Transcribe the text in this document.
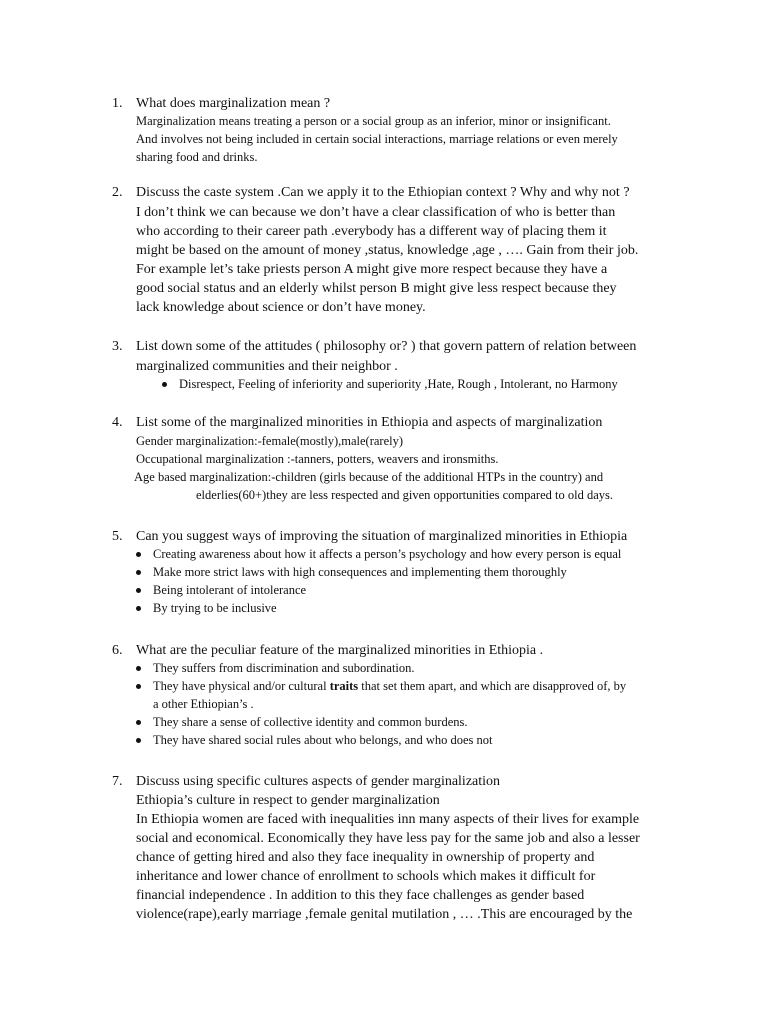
1. What does marginalization mean ?
Marginalization means treating a person or a social group as an inferior, minor or insignificant.
And involves not being included in certain social interactions, marriage relations or even merely
sharing food and drinks.
2. Discuss the caste system .Can we apply it to the Ethiopian context ? Why and why not ?
I don’t think we can because we don’t have a clear classification of who is better than
who according to their career path .everybody has a different way of placing them it
might be based on the amount of money ,status, knowledge ,age , …. Gain from their job.
For example let’s take priests person A might give more respect because they have a
good social status and an elderly whilst person B might give less respect because they
lack knowledge about science or don’t have money.
3. List down some of the attitudes ( philosophy or? ) that govern pattern of relation between
marginalized communities and their neighbor .
Disrespect, Feeling of inferiority and superiority ,Hate, Rough , Intolerant, no Harmony
4. List some of the marginalized minorities in Ethiopia and aspects of marginalization
Gender marginalization:-female(mostly),male(rarely)
Occupational marginalization :-tanners, potters, weavers and ironsmiths.
Age based marginalization:-children (girls because of the additional HTPs in the country) and
elderlies(60+)they are less respected and given opportunities compared to old days.
5. Can you suggest ways of improving the situation of marginalized minorities in Ethiopia
Creating awareness about how it affects a person’s psychology and how every person is equal
Make more strict laws with high consequences and implementing them thoroughly
Being intolerant of intolerance
By trying to be inclusive
6. What are the peculiar feature of the marginalized minorities in Ethiopia .
They suffers from discrimination and subordination.
They have physical and/or cultural traits that set them apart, and which are disapproved of, by
a other Ethiopian’s .
They share a sense of collective identity and common burdens.
They have shared social rules about who belongs, and who does not
7. Discuss using specific cultures aspects of gender marginalization
Ethiopia’s culture in respect to gender marginalization
In Ethiopia women are faced with inequalities inn many aspects of their lives for example
social and economical. Economically they have less pay for the same job and also a lesser
chance of getting hired and also they face inequality in ownership of property and
inheritance and lower chance of enrollment to schools which makes it difficult for
financial independence . In addition to this they face challenges as gender based
violence(rape),early marriage ,female genital mutilation , … .This are encouraged by the
